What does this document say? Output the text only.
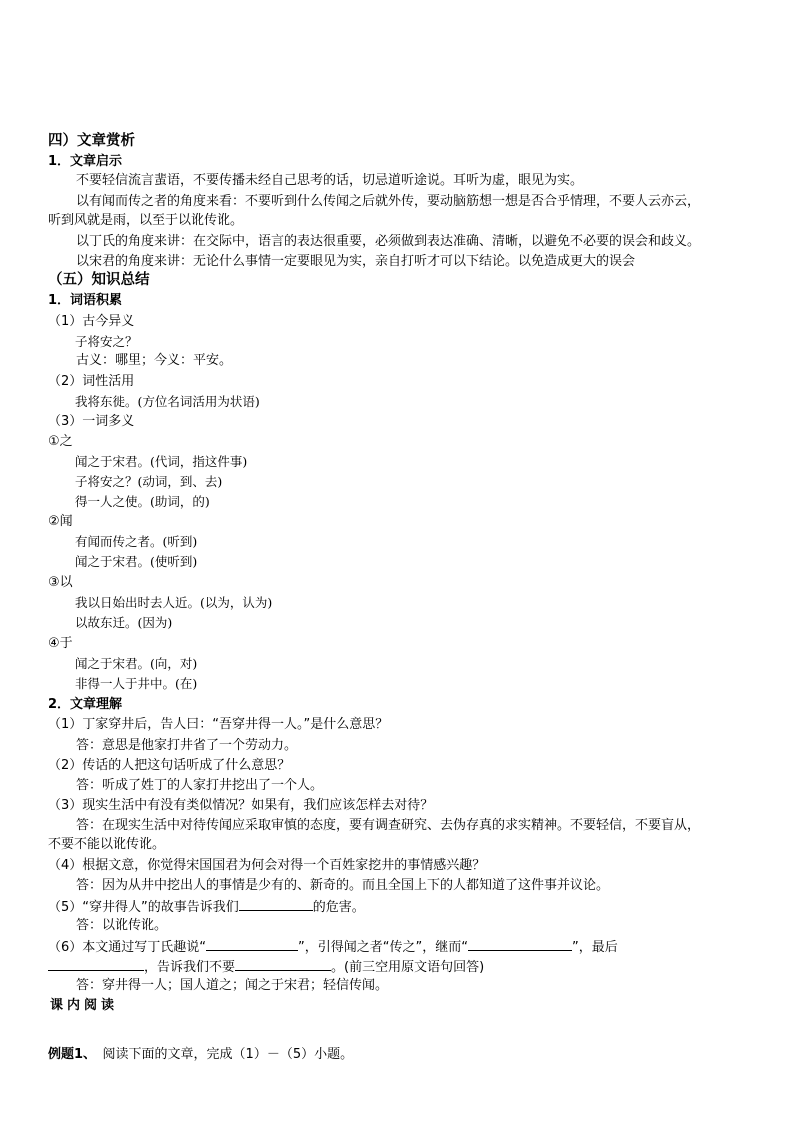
四）文章赏析
1．文章启示
不要轻信流言蜚语，不要传播未经自己思考的话，切忌道听途说。耳听为虚，眼见为实。
以有闻而传之者的角度来看：不要听到什么传闻之后就外传，要动脑筋想一想是否合乎情理，不要人云亦云，
听到风就是雨，以至于以讹传讹。
以丁氏的角度来讲：在交际中，语言的表达很重要，必须做到表达准确、清晰，以避免不必要的误会和歧义。
以宋君的角度来讲：无论什么事情一定要眼见为实，亲自打听才可以下结论。以免造成更大的误会
（五）知识总结
1．词语积累
（1）古今异义
子将安之？
古义：哪里；今义：平安。
（2）词性活用
我将东徙。(方位名词活用为状语)
（3）一词多义
①之
闻之于宋君。(代词，指这件事)
子将安之？(动词，到、去)
得一人之使。(助词，的)
②闻
有闻而传之者。(听到)
闻之于宋君。(使听到)
③以
我以日始出时去人近。(以为，认为)
以故东迁。(因为)
④于
闻之于宋君。(向，对)
非得一人于井中。(在)
2．文章理解
（1）丁家穿井后，告人曰：“吾穿井得一人。”是什么意思？
答：意思是他家打井省了一个劳动力。
（2）传话的人把这句话听成了什么意思？
答：听成了姓丁的人家打井挖出了一个人。
（3）现实生活中有没有类似情况？如果有，我们应该怎样去对待？
答：在现实生活中对待传闻应采取审慎的态度，要有调查研究、去伪存真的求实精神。不要轻信，不要盲从，
不要不能以讹传讹。
（4）根据文意，你觉得宋国国君为何会对得一个百姓家挖井的事情感兴趣？
答：因为从井中挖出人的事情是少有的、新奇的。而且全国上下的人都知道了这件事并议论。
（5）“穿井得人”的故事告诉我们	的危害。
答：以讹传讹。
（6）本文通过写丁氏趣说“	”，引得闻之者“传之”，继而“	”，最后
，告诉我们不要	。(前三空用原文语句回答)
答：穿井得一人；国人道之；闻之于宋君；轻信传闻。
课内阅读
例题1、　阅读下面的文章，完成（1）－（5）小题。
